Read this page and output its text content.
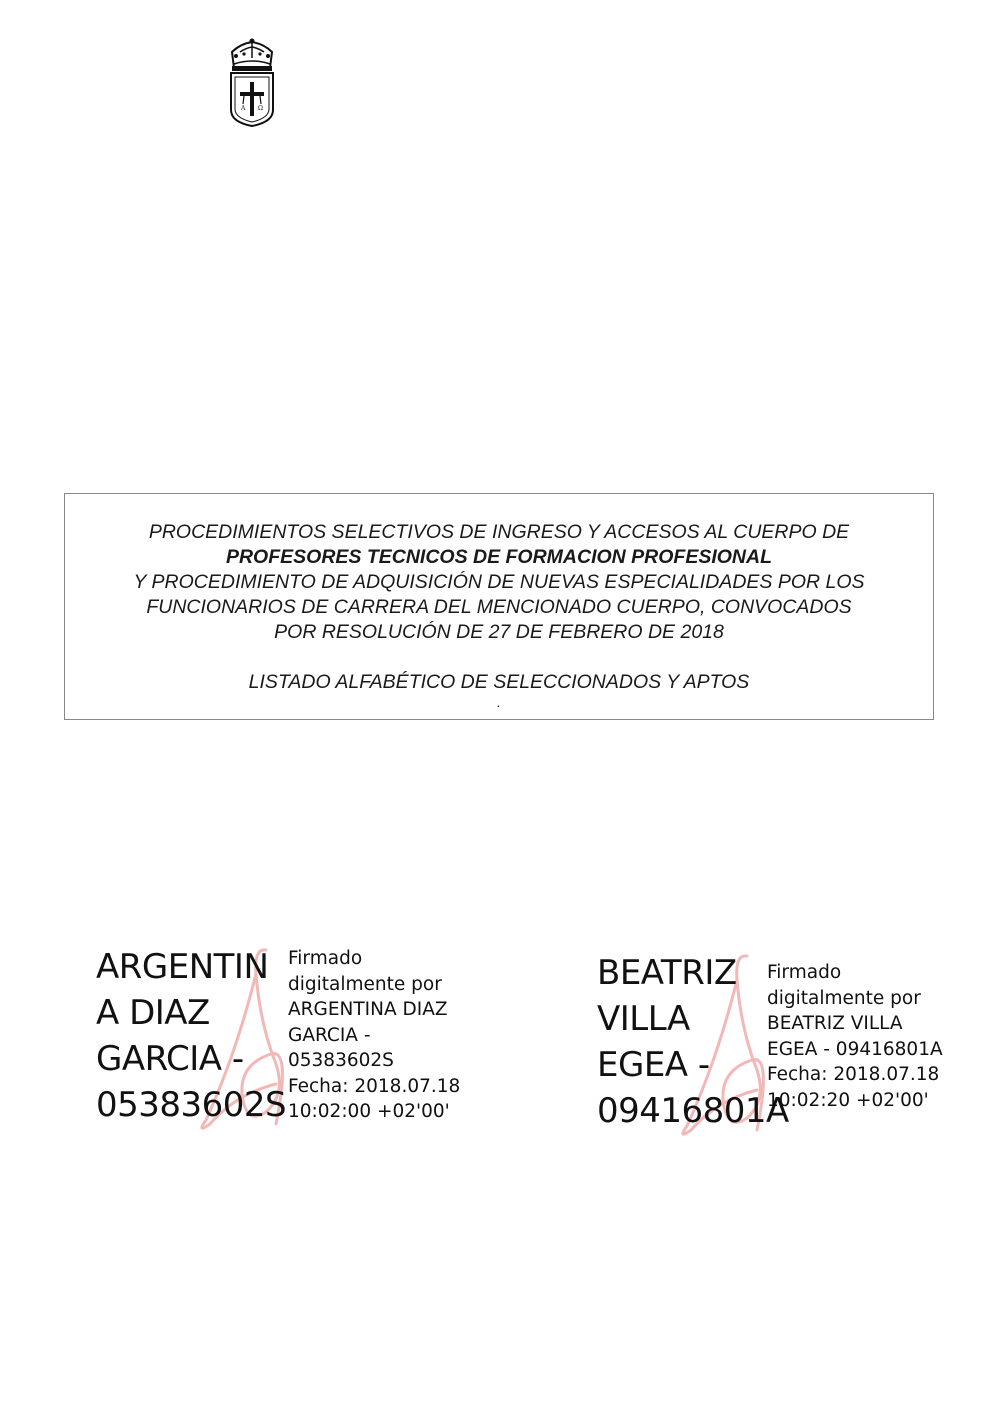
A Ω
PROCEDIMIENTOS SELECTIVOS DE INGRESO Y ACCESOS AL CUERPO DE
PROFESORES TECNICOS DE FORMACION PROFESIONAL
Y PROCEDIMIENTO DE ADQUISICIÓN DE NUEVAS ESPECIALIDADES POR LOS
FUNCIONARIOS DE CARRERA DEL MENCIONADO CUERPO, CONVOCADOS
POR RESOLUCIÓN DE 27 DE FEBRERO DE 2018
LISTADO ALFABÉTICO DE SELECCIONADOS Y APTOS
.
ARGENTIN
A DIAZ
GARCIA -
05383602S
Firmado
digitalmente por
ARGENTINA DIAZ
GARCIA -
05383602S
Fecha: 2018.07.18
10:02:00 +02'00'
BEATRIZ
VILLA
EGEA -
09416801A
Firmado
digitalmente por
BEATRIZ VILLA
EGEA - 09416801A
Fecha: 2018.07.18
10:02:20 +02'00'
